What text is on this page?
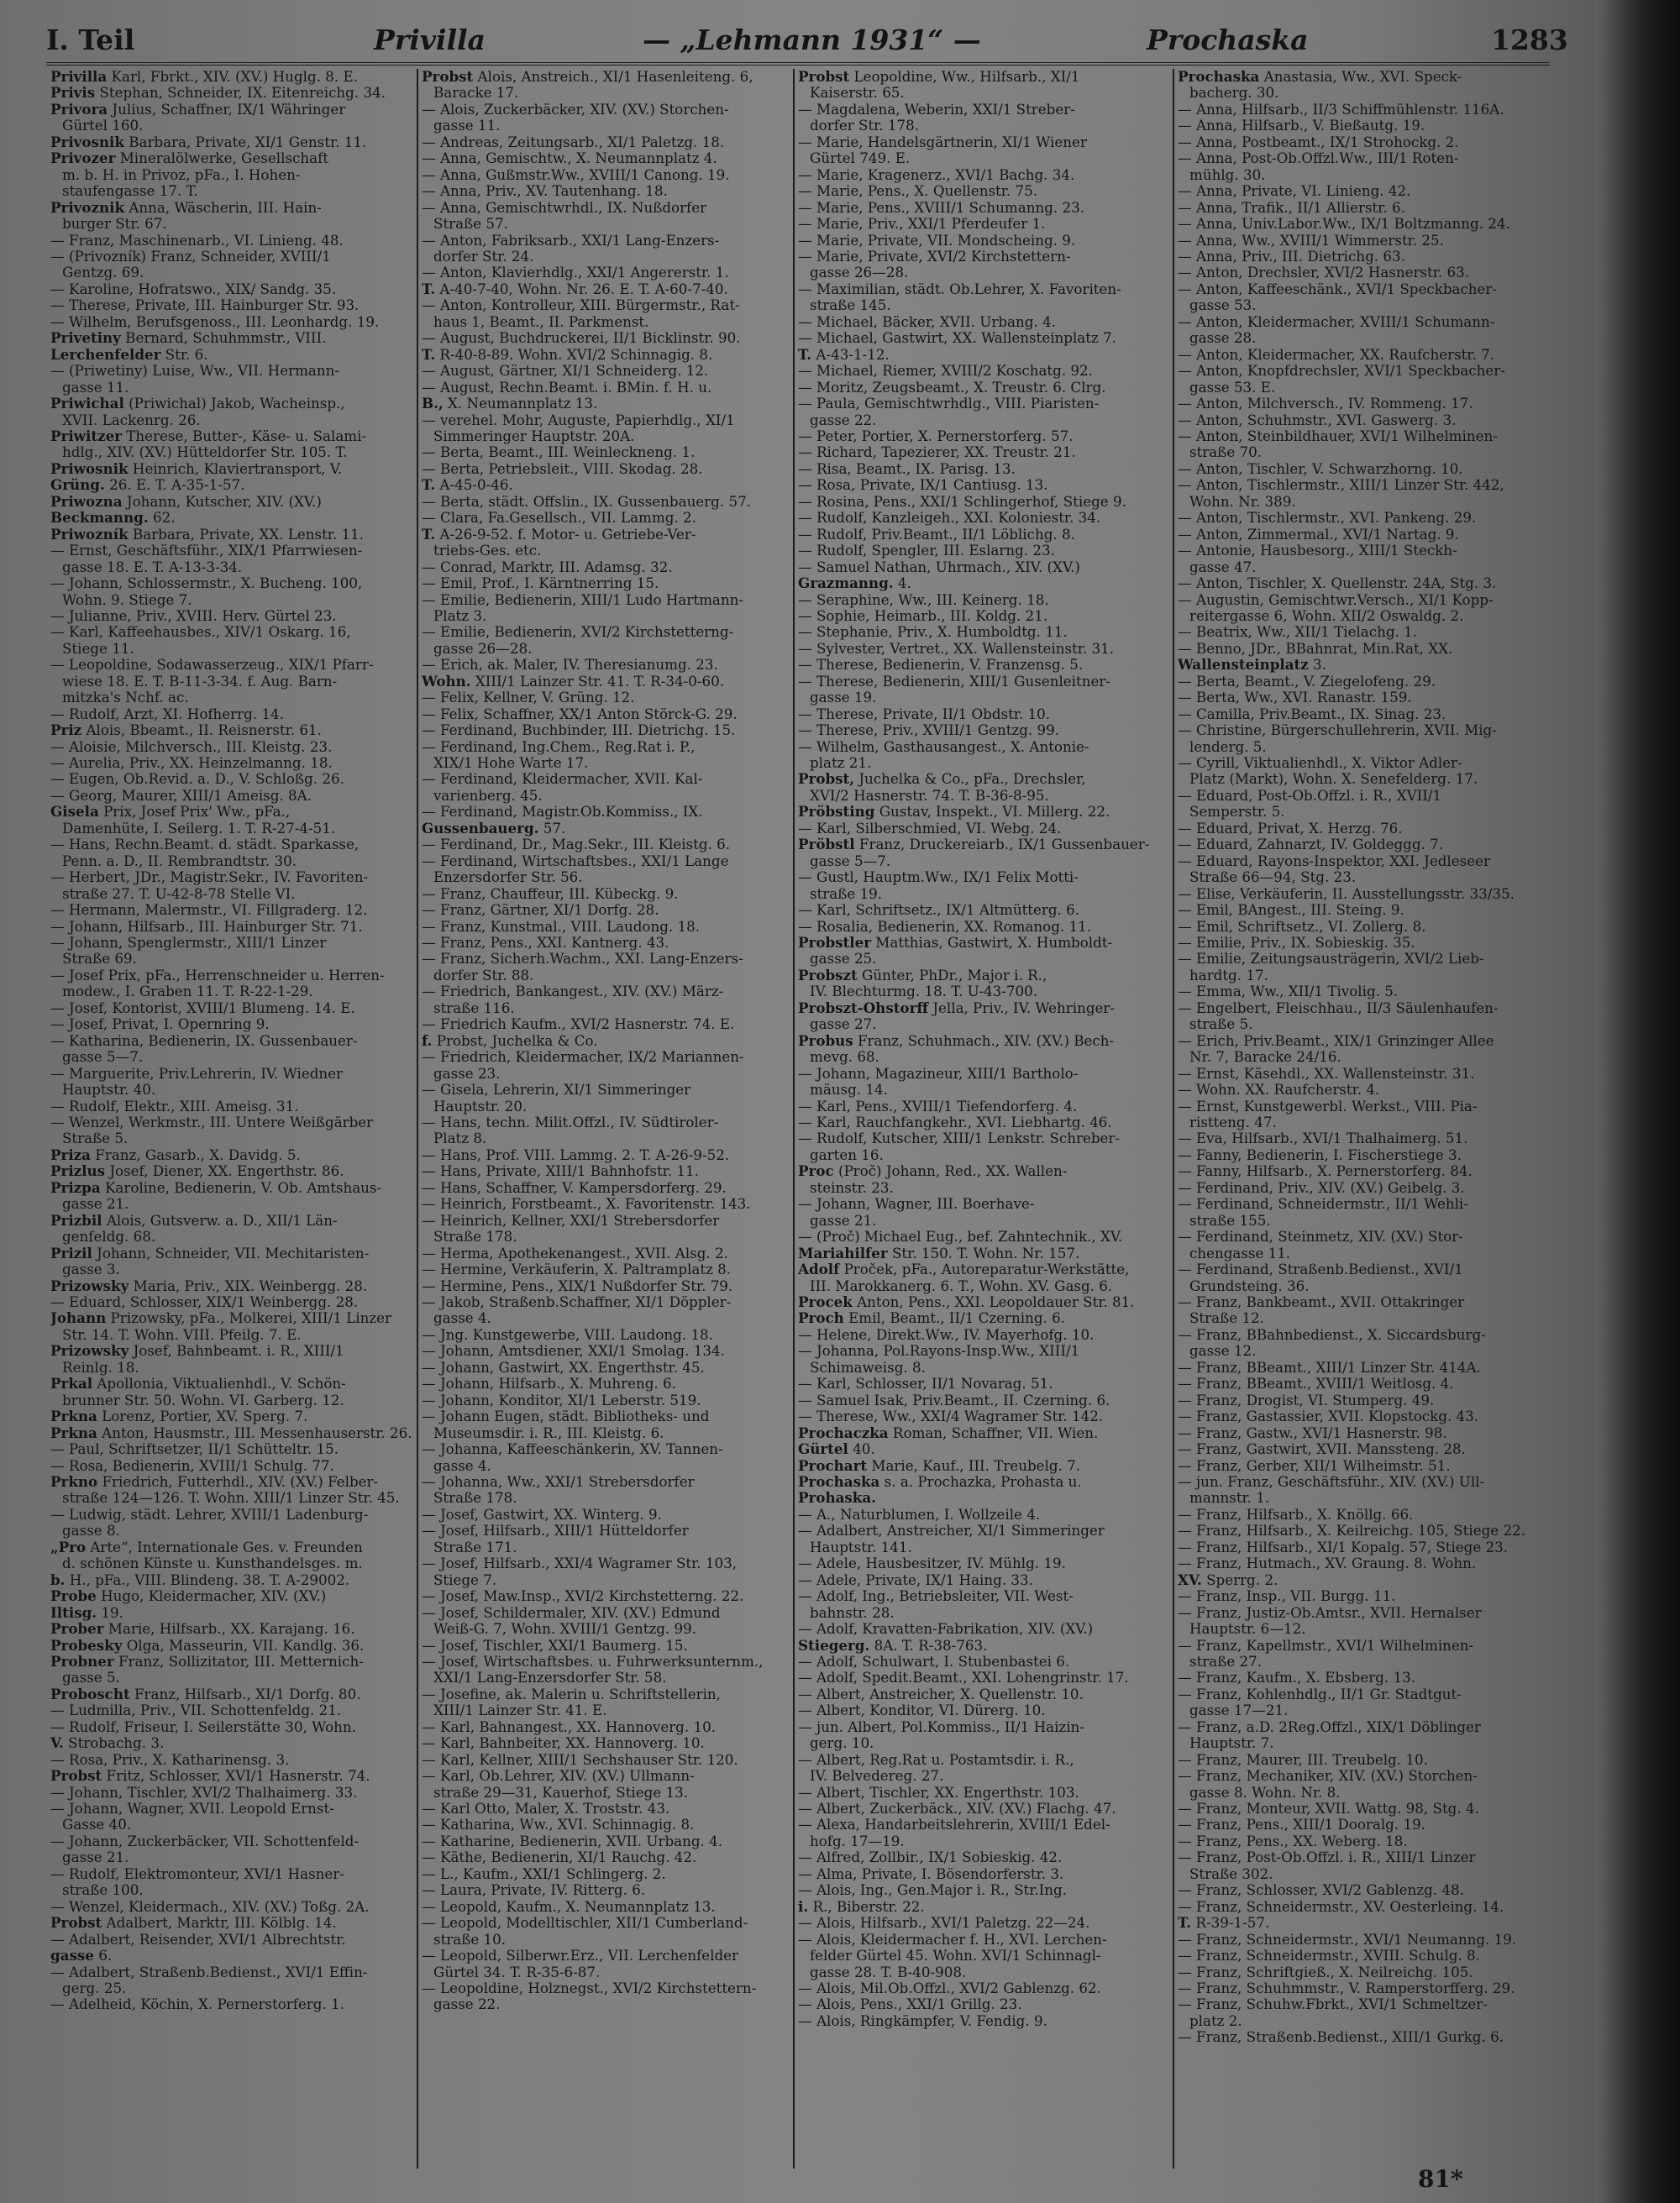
I. Teil	Privilla	— „Lehmann 1931“ —	Prochaska	1283
Privilla Karl, Fbrkt., XIV. (XV.) Huglg. 8. E.
Privis Stephan, Schneider, IX. Eitenreichg. 34.
Privora Julius, Schaffner, IX/1 Währinger
Gürtel 160.
Privosnik Barbara, Private, XI/1 Genstr. 11.
Privozer Mineralölwerke, Gesellschaft
m. b. H. in Privoz, pFa., I. Hohen-
staufengasse 17. T.
Privoznik Anna, Wäscherin, III. Hain-
burger Str. 67.
— Franz, Maschinenarb., VI. Linieng. 48.
— (Privozník) Franz, Schneider, XVIII/1
Gentzg. 69.
— Karoline, Hofratswo., XIX/ Sandg. 35.
— Therese, Private, III. Hainburger Str. 93.
— Wilhelm, Berufsgenoss., III. Leonhardg. 19.
Privetiny Bernard, Schuhmmstr., VIII.
Lerchenfelder Str. 6.
— (Priwetiny) Luise, Ww., VII. Hermann-
gasse 11.
Priwichal (Priwichal) Jakob, Wacheinsp.,
XVII. Lackenrg. 26.
Priwitzer Therese, Butter-, Käse- u. Salami-
hdlg., XIV. (XV.) Hütteldorfer Str. 105. T.
Priwosnik Heinrich, Klaviertransport, V.
Grüng. 26. E. T. A-35-1-57.
Priwozna Johann, Kutscher, XIV. (XV.)
Beckmanng. 62.
Priwozník Barbara, Private, XX. Lenstr. 11.
— Ernst, Geschäftsführ., XIX/1 Pfarrwiesen-
gasse 18. E. T. A-13-3-34.
— Johann, Schlossermstr., X. Bucheng. 100,
Wohn. 9. Stiege 7.
— Julianne, Priv., XVIII. Herv. Gürtel 23.
— Karl, Kaffeehausbes., XIV/1 Oskarg. 16,
Stiege 11.
— Leopoldine, Sodawasserzeug., XIX/1 Pfarr-
wiese 18. E. T. B-11-3-34. f. Aug. Barn-
mitzka's Nchf. ac.
— Rudolf, Arzt, XI. Hofherrg. 14.
Priz Alois, Bbeamt., II. Reisnerstr. 61.
— Aloisie, Milchversch., III. Kleistg. 23.
— Aurelia, Priv., XX. Heinzelmanng. 18.
— Eugen, Ob.Revid. a. D., V. Schloßg. 26.
— Georg, Maurer, XIII/1 Ameisg. 8A.
Gisela Prix, Josef Prix' Ww., pFa.,
Damenhüte, I. Seilerg. 1. T. R-27-4-51.
— Hans, Rechn.Beamt. d. städt. Sparkasse,
Penn. a. D., II. Rembrandtstr. 30.
— Herbert, JDr., Magistr.Sekr., IV. Favoriten-
straße 27. T. U-42-8-78 Stelle VI.
— Hermann, Malermstr., VI. Fillgraderg. 12.
— Johann, Hilfsarb., III. Hainburger Str. 71.
— Johann, Spenglermstr., XIII/1 Linzer
Straße 69.
— Josef Prix, pFa., Herrenschneider u. Herren-
modew., I. Graben 11. T. R-22-1-29.
— Josef, Kontorist, XVIII/1 Blumeng. 14. E.
— Josef, Privat, I. Opernring 9.
— Katharina, Bedienerin, IX. Gussenbauer-
gasse 5—7.
— Marguerite, Priv.Lehrerin, IV. Wiedner
Hauptstr. 40.
— Rudolf, Elektr., XIII. Ameisg. 31.
— Wenzel, Werkmstr., III. Untere Weißgärber
Straße 5.
Priza Franz, Gasarb., X. Davidg. 5.
Prizlus Josef, Diener, XX. Engerthstr. 86.
Prizpa Karoline, Bedienerin, V. Ob. Amtshaus-
gasse 21.
Prizbil Alois, Gutsverw. a. D., XII/1 Län-
genfeldg. 68.
Prizil Johann, Schneider, VII. Mechitaristen-
gasse 3.
Prizowsky Maria, Priv., XIX. Weinbergg. 28.
— Eduard, Schlosser, XIX/1 Weinbergg. 28.
Johann Prizowsky, pFa., Molkerei, XIII/1 Linzer
Str. 14. T. Wohn. VIII. Pfeilg. 7. E.
Prizowsky Josef, Bahnbeamt. i. R., XIII/1
Reinlg. 18.
Prkal Apollonia, Viktualienhdl., V. Schön-
brunner Str. 50. Wohn. VI. Garberg. 12.
Prkna Lorenz, Portier, XV. Sperg. 7.
Prkna Anton, Hausmstr., III. Messenhauserstr. 26.
— Paul, Schriftsetzer, II/1 Schütteltr. 15.
— Rosa, Bedienerin, XVIII/1 Schulg. 77.
Prkno Friedrich, Futterhdl., XIV. (XV.) Felber-
straße 124—126. T. Wohn. XIII/1 Linzer Str. 45.
— Ludwig, städt. Lehrer, XVIII/1 Ladenburg-
gasse 8.
„Pro Arte“, Internationale Ges. v. Freunden
d. schönen Künste u. Kunsthandelsges. m.
b. H., pFa., VIII. Blindeng. 38. T. A-29002.
Probe Hugo, Kleidermacher, XIV. (XV.)
Iltisg. 19.
Prober Marie, Hilfsarb., XX. Karajang. 16.
Probesky Olga, Masseurin, VII. Kandlg. 36.
Probner Franz, Sollizitator, III. Metternich-
gasse 5.
Proboscht Franz, Hilfsarb., XI/1 Dorfg. 80.
— Ludmilla, Priv., VII. Schottenfeldg. 21.
— Rudolf, Friseur, I. Seilerstätte 30, Wohn.
V. Strobachg. 3.
— Rosa, Priv., X. Katharinensg. 3.
Probst Fritz, Schlosser, XVI/1 Hasnerstr. 74.
— Johann, Tischler, XVI/2 Thalhaimerg. 33.
— Johann, Wagner, XVII. Leopold Ernst-
Gasse 40.
— Johann, Zuckerbäcker, VII. Schottenfeld-
gasse 21.
— Rudolf, Elektromonteur, XVI/1 Hasner-
straße 100.
— Wenzel, Kleidermach., XIV. (XV.) Toßg. 2A.
Probst Adalbert, Marktr, III. Kölblg. 14.
— Adalbert, Reisender, XVI/1 Albrechtstr.
gasse 6.
— Adalbert, Straßenb.Bedienst., XVI/1 Effin-
gerg. 25.
— Adelheid, Köchin, X. Pernerstorferg. 1.
Probst Alois, Anstreich., XI/1 Hasenleiteng. 6,
Baracke 17.
— Alois, Zuckerbäcker, XIV. (XV.) Storchen-
gasse 11.
— Andreas, Zeitungsarb., XI/1 Paletzg. 18.
— Anna, Gemischtw., X. Neumannplatz 4.
— Anna, Gußmstr.Ww., XVIII/1 Canong. 19.
— Anna, Priv., XV. Tautenhang. 18.
— Anna, Gemischtwrhdl., IX. Nußdorfer
Straße 57.
— Anton, Fabriksarb., XXI/1 Lang-Enzers-
dorfer Str. 24.
— Anton, Klavierhdlg., XXI/1 Angererstr. 1.
T. A-40-7-40, Wohn. Nr. 26. E. T. A-60-7-40.
— Anton, Kontrolleur, XIII. Bürgermstr., Rat-
haus 1, Beamt., II. Parkmenst.
— August, Buchdruckerei, II/1 Bicklinstr. 90.
T. R-40-8-89. Wohn. XVI/2 Schinnagig. 8.
— August, Gärtner, XI/1 Schneiderg. 12.
— August, Rechn.Beamt. i. BMin. f. H. u.
B., X. Neumannplatz 13.
— verehel. Mohr, Auguste, Papierhdlg., XI/1
Simmeringer Hauptstr. 20A.
— Berta, Beamt., III. Weinleckneng. 1.
— Berta, Petriebsleit., VIII. Skodag. 28.
T. A-45-0-46.
— Berta, städt. Offslin., IX. Gussenbauerg. 57.
— Clara, Fa.Gesellsch., VII. Lammg. 2.
T. A-26-9-52. f. Motor- u. Getriebe-Ver-
triebs-Ges. etc.
— Conrad, Marktr, III. Adamsg. 32.
— Emil, Prof., I. Kärntnerring 15.
— Emilie, Bedienerin, XIII/1 Ludo Hartmann-
Platz 3.
— Emilie, Bedienerin, XVI/2 Kirchstetterng-
gasse 26—28.
— Erich, ak. Maler, IV. Theresianumg. 23.
Wohn. XIII/1 Lainzer Str. 41. T. R-34-0-60.
— Felix, Kellner, V. Grüng. 12.
— Felix, Schaffner, XX/1 Anton Störck-G. 29.
— Ferdinand, Buchbinder, III. Dietrichg. 15.
— Ferdinand, Ing.Chem., Reg.Rat i. P.,
XIX/1 Hohe Warte 17.
— Ferdinand, Kleidermacher, XVII. Kal-
varienberg. 45.
— Ferdinand, Magistr.Ob.Kommiss., IX.
Gussenbauerg. 57.
— Ferdinand, Dr., Mag.Sekr., III. Kleistg. 6.
— Ferdinand, Wirtschaftsbes., XXI/1 Lange
Enzersdorfer Str. 56.
— Franz, Chauffeur, III. Kübeckg. 9.
— Franz, Gärtner, XI/1 Dorfg. 28.
— Franz, Kunstmal., VIII. Laudong. 18.
— Franz, Pens., XXI. Kantnerg. 43.
— Franz, Sicherh.Wachm., XXI. Lang-Enzers-
dorfer Str. 88.
— Friedrich, Bankangest., XIV. (XV.) März-
straße 116.
— Friedrich Kaufm., XVI/2 Hasnerstr. 74. E.
f. Probst, Juchelka & Co.
— Friedrich, Kleidermacher, IX/2 Mariannen-
gasse 23.
— Gisela, Lehrerin, XI/1 Simmeringer
Hauptstr. 20.
— Hans, techn. Milit.Offzl., IV. Südtiroler-
Platz 8.
— Hans, Prof. VIII. Lammg. 2. T. A-26-9-52.
— Hans, Private, XIII/1 Bahnhofstr. 11.
— Hans, Schaffner, V. Kampersdorferg. 29.
— Heinrich, Forstbeamt., X. Favoritenstr. 143.
— Heinrich, Kellner, XXI/1 Strebersdorfer
Straße 178.
— Herma, Apothekenangest., XVII. Alsg. 2.
— Hermine, Verkäuferin, X. Paltramplatz 8.
— Hermine, Pens., XIX/1 Nußdorfer Str. 79.
— Jakob, Straßenb.Schaffner, XI/1 Döppler-
gasse 4.
— Jng. Kunstgewerbe, VIII. Laudong. 18.
— Johann, Amtsdiener, XXI/1 Smolag. 134.
— Johann, Gastwirt, XX. Engerthstr. 45.
— Johann, Hilfsarb., X. Muhreng. 6.
— Johann, Konditor, XI/1 Leberstr. 519.
— Johann Eugen, städt. Bibliotheks- und
Museumsdir. i. R., III. Kleistg. 6.
— Johanna, Kaffeeschänkerin, XV. Tannen-
gasse 4.
— Johanna, Ww., XXI/1 Strebersdorfer
Straße 178.
— Josef, Gastwirt, XX. Winterg. 9.
— Josef, Hilfsarb., XIII/1 Hütteldorfer
Straße 171.
— Josef, Hilfsarb., XXI/4 Wagramer Str. 103,
Stiege 7.
— Josef, Maw.Insp., XVI/2 Kirchstetterng. 22.
— Josef, Schildermaler, XIV. (XV.) Edmund
Weiß-G. 7, Wohn. XVIII/1 Gentzg. 99.
— Josef, Tischler, XXI/1 Baumerg. 15.
— Josef, Wirtschaftsbes. u. Fuhrwerksunternm.,
XXI/1 Lang-Enzersdorfer Str. 58.
— Josefine, ak. Malerin u. Schriftstellerin,
XIII/1 Lainzer Str. 41. E.
— Karl, Bahnangest., XX. Hannoverg. 10.
— Karl, Bahnbeiter, XX. Hannoverg. 10.
— Karl, Kellner, XIII/1 Sechshauser Str. 120.
— Karl, Ob.Lehrer, XIV. (XV.) Ullmann-
straße 29—31, Kauerhof, Stiege 13.
— Karl Otto, Maler, X. Troststr. 43.
— Katharina, Ww., XVI. Schinnagig. 8.
— Katharine, Bedienerin, XVII. Urbang. 4.
— Käthe, Bedienerin, XI/1 Rauchg. 42.
— L., Kaufm., XXI/1 Schlingerg. 2.
— Laura, Private, IV. Ritterg. 6.
— Leopold, Kaufm., X. Neumannplatz 13.
— Leopold, Modelltischler, XII/1 Cumberland-
straße 10.
— Leopold, Silberwr.Erz., VII. Lerchenfelder
Gürtel 34. T. R-35-6-87.
— Leopoldine, Holznegst., XVI/2 Kirchstettern-
gasse 22.
Probst Leopoldine, Ww., Hilfsarb., XI/1
Kaiserstr. 65.
— Magdalena, Weberin, XXI/1 Streber-
dorfer Str. 178.
— Marie, Handelsgärtnerin, XI/1 Wiener
Gürtel 749. E.
— Marie, Kragenerz., XVI/1 Bachg. 34.
— Marie, Pens., X. Quellenstr. 75.
— Marie, Pens., XVIII/1 Schumanng. 23.
— Marie, Priv., XXI/1 Pferdeufer 1.
— Marie, Private, VII. Mondscheing. 9.
— Marie, Private, XVI/2 Kirchstettern-
gasse 26—28.
— Maximilian, städt. Ob.Lehrer, X. Favoriten-
straße 145.
— Michael, Bäcker, XVII. Urbang. 4.
— Michael, Gastwirt, XX. Wallensteinplatz 7.
T. A-43-1-12.
— Michael, Riemer, XVIII/2 Koschatg. 92.
— Moritz, Zeugsbeamt., X. Treustr. 6. Clrg.
— Paula, Gemischtwrhdlg., VIII. Piaristen-
gasse 22.
— Peter, Portier, X. Pernerstorferg. 57.
— Richard, Tapezierer, XX. Treustr. 21.
— Risa, Beamt., IX. Parisg. 13.
— Rosa, Private, IX/1 Cantiusg. 13.
— Rosina, Pens., XXI/1 Schlingerhof, Stiege 9.
— Rudolf, Kanzleigeh., XXI. Koloniestr. 34.
— Rudolf, Priv.Beamt., II/1 Löblichg. 8.
— Rudolf, Spengler, III. Eslarng. 23.
— Samuel Nathan, Uhrmach., XIV. (XV.)
Grazmanng. 4.
— Seraphine, Ww., III. Keinerg. 18.
— Sophie, Heimarb., III. Koldg. 21.
— Stephanie, Priv., X. Humboldtg. 11.
— Sylvester, Vertret., XX. Wallensteinstr. 31.
— Therese, Bedienerin, V. Franzensg. 5.
— Therese, Bedienerin, XIII/1 Gusenleitner-
gasse 19.
— Therese, Private, II/1 Obdstr. 10.
— Therese, Priv., XVIII/1 Gentzg. 99.
— Wilhelm, Gasthausangest., X. Antonie-
platz 21.
Probst, Juchelka & Co., pFa., Drechsler,
XVI/2 Hasnerstr. 74. T. B-36-8-95.
Pröbsting Gustav, Inspekt., VI. Millerg. 22.
— Karl, Silberschmied, VI. Webg. 24.
Pröbstl Franz, Druckereiarb., IX/1 Gussenbauer-
gasse 5—7.
— Gustl, Hauptm.Ww., IX/1 Felix Motti-
straße 19.
— Karl, Schriftsetz., IX/1 Altmütterg. 6.
— Rosalia, Bedienerin, XX. Romanog. 11.
Probstler Matthias, Gastwirt, X. Humboldt-
gasse 25.
Probszt Günter, PhDr., Major i. R.,
IV. Blechturmg. 18. T. U-43-700.
Probszt-Ohstorff Jella, Priv., IV. Wehringer-
gasse 27.
Probus Franz, Schuhmach., XIV. (XV.) Bech-
mevg. 68.
— Johann, Magazineur, XIII/1 Bartholo-
mäusg. 14.
— Karl, Pens., XVIII/1 Tiefendorferg. 4.
— Karl, Rauchfangkehr., XVI. Liebhartg. 46.
— Rudolf, Kutscher, XIII/1 Lenkstr. Schreber-
garten 16.
Proc (Proč) Johann, Red., XX. Wallen-
steinstr. 23.
— Johann, Wagner, III. Boerhave-
gasse 21.
— (Proč) Michael Eug., bef. Zahntechnik., XV.
Mariahilfer Str. 150. T. Wohn. Nr. 157.
Adolf Proček, pFa., Autoreparatur-Werkstätte,
III. Marokkanerg. 6. T., Wohn. XV. Gasg. 6.
Procek Anton, Pens., XXI. Leopoldauer Str. 81.
Proch Emil, Beamt., II/1 Czerning. 6.
— Helene, Direkt.Ww., IV. Mayerhofg. 10.
— Johanna, Pol.Rayons-Insp.Ww., XIII/1
Schimaweisg. 8.
— Karl, Schlosser, II/1 Novarag. 51.
— Samuel Isak, Priv.Beamt., II. Czerning. 6.
— Therese, Ww., XXI/4 Wagramer Str. 142.
Prochaczka Roman, Schaffner, VII. Wien.
Gürtel 40.
Prochart Marie, Kauf., III. Treubelg. 7.
Prochaska s. a. Prochazka, Prohasta u.
Prohaska.
— A., Naturblumen, I. Wollzeile 4.
— Adalbert, Anstreicher, XI/1 Simmeringer
Hauptstr. 141.
— Adele, Hausbesitzer, IV. Mühlg. 19.
— Adele, Private, IX/1 Haing. 33.
— Adolf, Ing., Betriebsleiter, VII. West-
bahnstr. 28.
— Adolf, Kravatten-Fabrikation, XIV. (XV.)
Stiegerg. 8A. T. R-38-763.
— Adolf, Schulwart, I. Stubenbastei 6.
— Adolf, Spedit.Beamt., XXI. Lohengrinstr. 17.
— Albert, Anstreicher, X. Quellenstr. 10.
— Albert, Konditor, VI. Dürerg. 10.
— jun. Albert, Pol.Kommiss., II/1 Haizin-
gerg. 10.
— Albert, Reg.Rat u. Postamtsdir. i. R.,
IV. Belvedereg. 27.
— Albert, Tischler, XX. Engerthstr. 103.
— Albert, Zuckerbäck., XIV. (XV.) Flachg. 47.
— Alexa, Handarbeitslehrerin, XVIII/1 Edel-
hofg. 17—19.
— Alfred, Zollbir., IX/1 Sobieskig. 42.
— Alma, Private, I. Bösendorferstr. 3.
— Alois, Ing., Gen.Major i. R., Str.Ing.
i. R., Biberstr. 22.
— Alois, Hilfsarb., XVI/1 Paletzg. 22—24.
— Alois, Kleidermacher f. H., XVI. Lerchen-
felder Gürtel 45. Wohn. XVI/1 Schinnagl-
gasse 28. T. B-40-908.
— Alois, Mil.Ob.Offzl., XVI/2 Gablenzg. 62.
— Alois, Pens., XXI/1 Grillg. 23.
— Alois, Ringkämpfer, V. Fendig. 9.
Prochaska Anastasia, Ww., XVI. Speck-
bacherg. 30.
— Anna, Hilfsarb., II/3 Schiffmühlenstr. 116A.
— Anna, Hilfsarb., V. Bießautg. 19.
— Anna, Postbeamt., IX/1 Strohockg. 2.
— Anna, Post-Ob.Offzl.Ww., III/1 Roten-
mühlg. 30.
— Anna, Private, VI. Linieng. 42.
— Anna, Trafik., II/1 Allierstr. 6.
— Anna, Univ.Labor.Ww., IX/1 Boltzmanng. 24.
— Anna, Ww., XVIII/1 Wimmerstr. 25.
— Anna, Priv., III. Dietrichg. 63.
— Anton, Drechsler, XVI/2 Hasnerstr. 63.
— Anton, Kaffeeschänk., XVI/1 Speckbacher-
gasse 53.
— Anton, Kleidermacher, XVIII/1 Schumann-
gasse 28.
— Anton, Kleidermacher, XX. Raufcherstr. 7.
— Anton, Knopfdrechsler, XVI/1 Speckbacher-
gasse 53. E.
— Anton, Milchversch., IV. Rommeng. 17.
— Anton, Schuhmstr., XVI. Gaswerg. 3.
— Anton, Steinbildhauer, XVI/1 Wilhelminen-
straße 70.
— Anton, Tischler, V. Schwarzhorng. 10.
— Anton, Tischlermstr., XIII/1 Linzer Str. 442,
Wohn. Nr. 389.
— Anton, Tischlermstr., XVI. Pankeng. 29.
— Anton, Zimmermal., XVI/1 Nartag. 9.
— Antonie, Hausbesorg., XIII/1 Steckh-
gasse 47.
— Anton, Tischler, X. Quellenstr. 24A, Stg. 3.
— Augustin, Gemischtwr.Versch., XI/1 Kopp-
reitergasse 6, Wohn. XII/2 Oswaldg. 2.
— Beatrix, Ww., XII/1 Tielachg. 1.
— Benno, JDr., BBahnrat, Min.Rat, XX.
Wallensteinplatz 3.
— Berta, Beamt., V. Ziegelofeng. 29.
— Berta, Ww., XVI. Ranastr. 159.
— Camilla, Priv.Beamt., IX. Sinag. 23.
— Christine, Bürgerschullehrerin, XVII. Mig-
lenderg. 5.
— Cyrill, Viktualienhdl., X. Viktor Adler-
Platz (Markt), Wohn. X. Senefelderg. 17.
— Eduard, Post-Ob.Offzl. i. R., XVII/1
Semperstr. 5.
— Eduard, Privat, X. Herzg. 76.
— Eduard, Zahnarzt, IV. Goldeggg. 7.
— Eduard, Rayons-Inspektor, XXI. Jedleseer
Straße 66—94, Stg. 23.
— Elise, Verkäuferin, II. Ausstellungsstr. 33/35.
— Emil, BAngest., III. Steing. 9.
— Emil, Schriftsetz., VI. Zollerg. 8.
— Emilie, Priv., IX. Sobieskig. 35.
— Emilie, Zeitungsausträgerin, XVI/2 Lieb-
hardtg. 17.
— Emma, Ww., XII/1 Tivolig. 5.
— Engelbert, Fleischhau., II/3 Säulenhaufen-
straße 5.
— Erich, Priv.Beamt., XIX/1 Grinzinger Allee
Nr. 7, Baracke 24/16.
— Ernst, Käsehdl., XX. Wallensteinstr. 31.
— Wohn. XX. Raufcherstr. 4.
— Ernst, Kunstgewerbl. Werkst., VIII. Pia-
ristteng. 47.
— Eva, Hilfsarb., XVI/1 Thalhaimerg. 51.
— Fanny, Bedienerin, I. Fischerstiege 3.
— Fanny, Hilfsarb., X. Pernerstorferg. 84.
— Ferdinand, Priv., XIV. (XV.) Geibelg. 3.
— Ferdinand, Schneidermstr., II/1 Wehli-
straße 155.
— Ferdinand, Steinmetz, XIV. (XV.) Stor-
chengasse 11.
— Ferdinand, Straßenb.Bedienst., XVI/1
Grundsteing. 36.
— Franz, Bankbeamt., XVII. Ottakringer
Straße 12.
— Franz, BBahnbedienst., X. Siccardsburg-
gasse 12.
— Franz, BBeamt., XIII/1 Linzer Str. 414A.
— Franz, BBeamt., XVIII/1 Weitlosg. 4.
— Franz, Drogist, VI. Stumperg. 49.
— Franz, Gastassier, XVII. Klopstockg. 43.
— Franz, Gastw., XVI/1 Hasnerstr. 98.
— Franz, Gastwirt, XVII. Manssteng. 28.
— Franz, Gerber, XII/1 Wilheimstr. 51.
— jun. Franz, Geschäftsführ., XIV. (XV.) Ull-
mannstr. 1.
— Franz, Hilfsarb., X. Knöllg. 66.
— Franz, Hilfsarb., X. Keilreichg. 105, Stiege 22.
— Franz, Hilfsarb., XI/1 Kopalg. 57, Stiege 23.
— Franz, Hutmach., XV. Graung. 8. Wohn.
XV. Sperrg. 2.
— Franz, Insp., VII. Burgg. 11.
— Franz, Justiz-Ob.Amtsr., XVII. Hernalser
Hauptstr. 6—12.
— Franz, Kapellmstr., XVI/1 Wilhelminen-
straße 27.
— Franz, Kaufm., X. Ebsberg. 13.
— Franz, Kohlenhdlg., II/1 Gr. Stadtgut-
gasse 17—21.
— Franz, a.D. 2Reg.Offzl., XIX/1 Döblinger
Hauptstr. 7.
— Franz, Maurer, III. Treubelg. 10.
— Franz, Mechaniker, XIV. (XV.) Storchen-
gasse 8. Wohn. Nr. 8.
— Franz, Monteur, XVII. Wattg. 98, Stg. 4.
— Franz, Pens., XIII/1 Dooralg. 19.
— Franz, Pens., XX. Weberg. 18.
— Franz, Post-Ob.Offzl. i. R., XIII/1 Linzer
Straße 302.
— Franz, Schlosser, XVI/2 Gablenzg. 48.
— Franz, Schneidermstr., XV. Oesterleing. 14.
T. R-39-1-57.
— Franz, Schneidermstr., XVI/1 Neumanng. 19.
— Franz, Schneidermstr., XVIII. Schulg. 8.
— Franz, Schriftgieß., X. Neilreichg. 105.
— Franz, Schuhmmstr., V. Ramperstorfferg. 29.
— Franz, Schuhw.Fbrkt., XVI/1 Schmeltzer-
platz 2.
— Franz, Straßenb.Bedienst., XIII/1 Gurkg. 6.
81*
